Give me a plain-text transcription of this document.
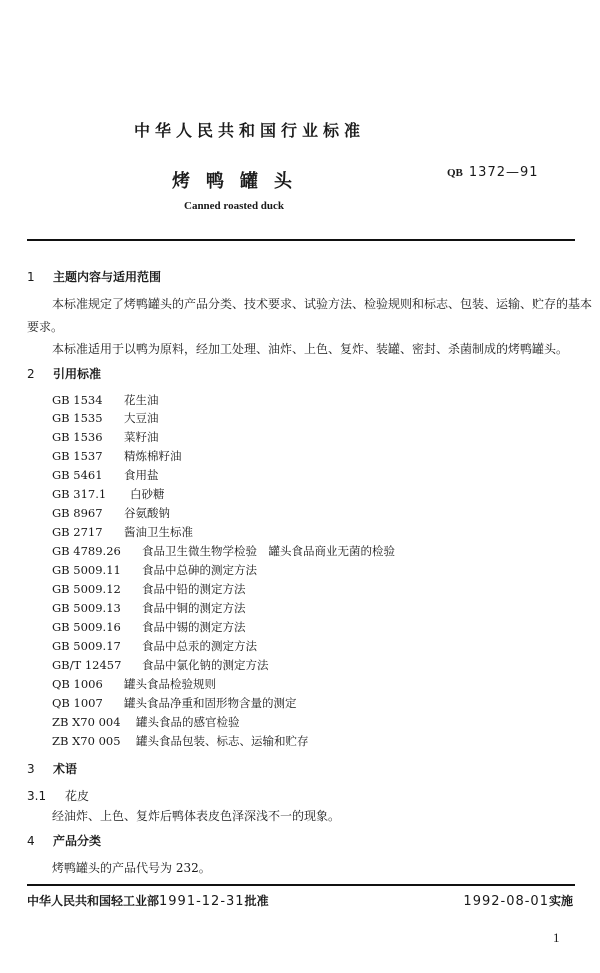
中华人民共和国行业标准
烤鸭罐头	QB 1372—91
Canned roasted duck
1 主题内容与适用范围
本标准规定了烤鸭罐头的产品分类、技术要求、试验方法、检验规则和标志、包装、运输、贮存的基本
要求。
本标准适用于以鸭为原料，经加工处理、油炸、上色、复炸、装罐、密封、杀菌制成的烤鸭罐头。
2 引用标准
GB 1534 花生油
GB 1535 大豆油
GB 1536 菜籽油
GB 1537 精炼棉籽油
GB 5461 食用盐
GB 317.1 白砂糖
GB 8967 谷氨酸钠
GB 2717 酱油卫生标准
GB 4789.26 食品卫生微生物学检验　罐头食品商业无菌的检验
GB 5009.11 食品中总砷的测定方法
GB 5009.12 食品中铅的测定方法
GB 5009.13 食品中铜的测定方法
GB 5009.16 食品中锡的测定方法
GB 5009.17 食品中总汞的测定方法
GB/T 12457 食品中氯化钠的测定方法
QB 1006 罐头食品检验规则
QB 1007 罐头食品净重和固形物含量的测定
ZB X70 004 罐头食品的感官检验
ZB X70 005 罐头食品包装、标志、运输和贮存
3 术语
3.1 花皮
经油炸、上色、复炸后鸭体表皮色泽深浅不一的现象。
4 产品分类
烤鸭罐头的产品代号为 232。
中华人民共和国轻工业部1991-12-31批准	1992-08-01实施
1
